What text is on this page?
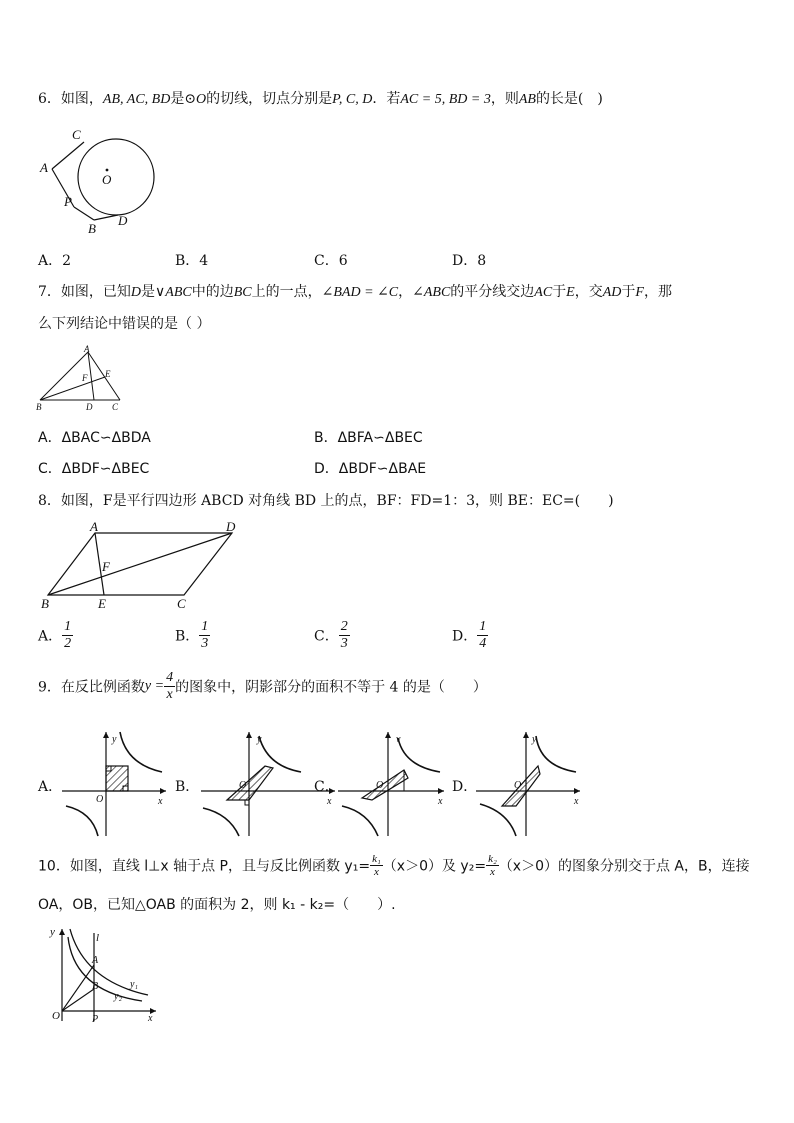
6．如图，AB, AC, BD是⊙O的切线，切点分别是P, C, D．若AC = 5, BD = 3，则AB的长是(　)
C
A
O
P
B
D
A．2	B．4	C．6	D．8
7．如图，已知D是∨ABC中的边BC上的一点，∠BAD = ∠C，∠ABC的平分线交边AC于E，交AD于F，那
么下列结论中错误的是（ ）
A
F E
B	D C
A．ΔBAC∽ΔBDA	B．ΔBFA∽ΔBEC
C．ΔBDF∽ΔBEC	D．ΔBDF∽ΔBAE
8．如图，F是平行四边形 ABCD 对角线 BD 上的点，BF：FD=1：3，则 BE：EC=(　　)
A	D
F
B	E	C
A． $\frac{1}{2}$	B． $\frac{1}{3}$	C． $\frac{2}{3}$	D． $\frac{1}{4}$
9．在反比例函数$y = \frac{4}{x}$ 的图象中，阴影部分的面积不等于 4 的是（　　）
A．
y
x
O
B．
y
x
O	C．
v
x
O	D．
y
x
O
10．如图，直线 l⊥x 轴于点 P，且与反比例函数 $y_1= \frac{\text{k₁}}{x} (x>0)$及 $y_2= \frac{\text{k₂}}{x} (x>0)$的图象分别交于点 A，B，连接
OA，OB，已知△OAB 的面积为 2，则 k₁ - k₂=（　　）.
y	l
A
B	y₁
y₂
O	P	x
